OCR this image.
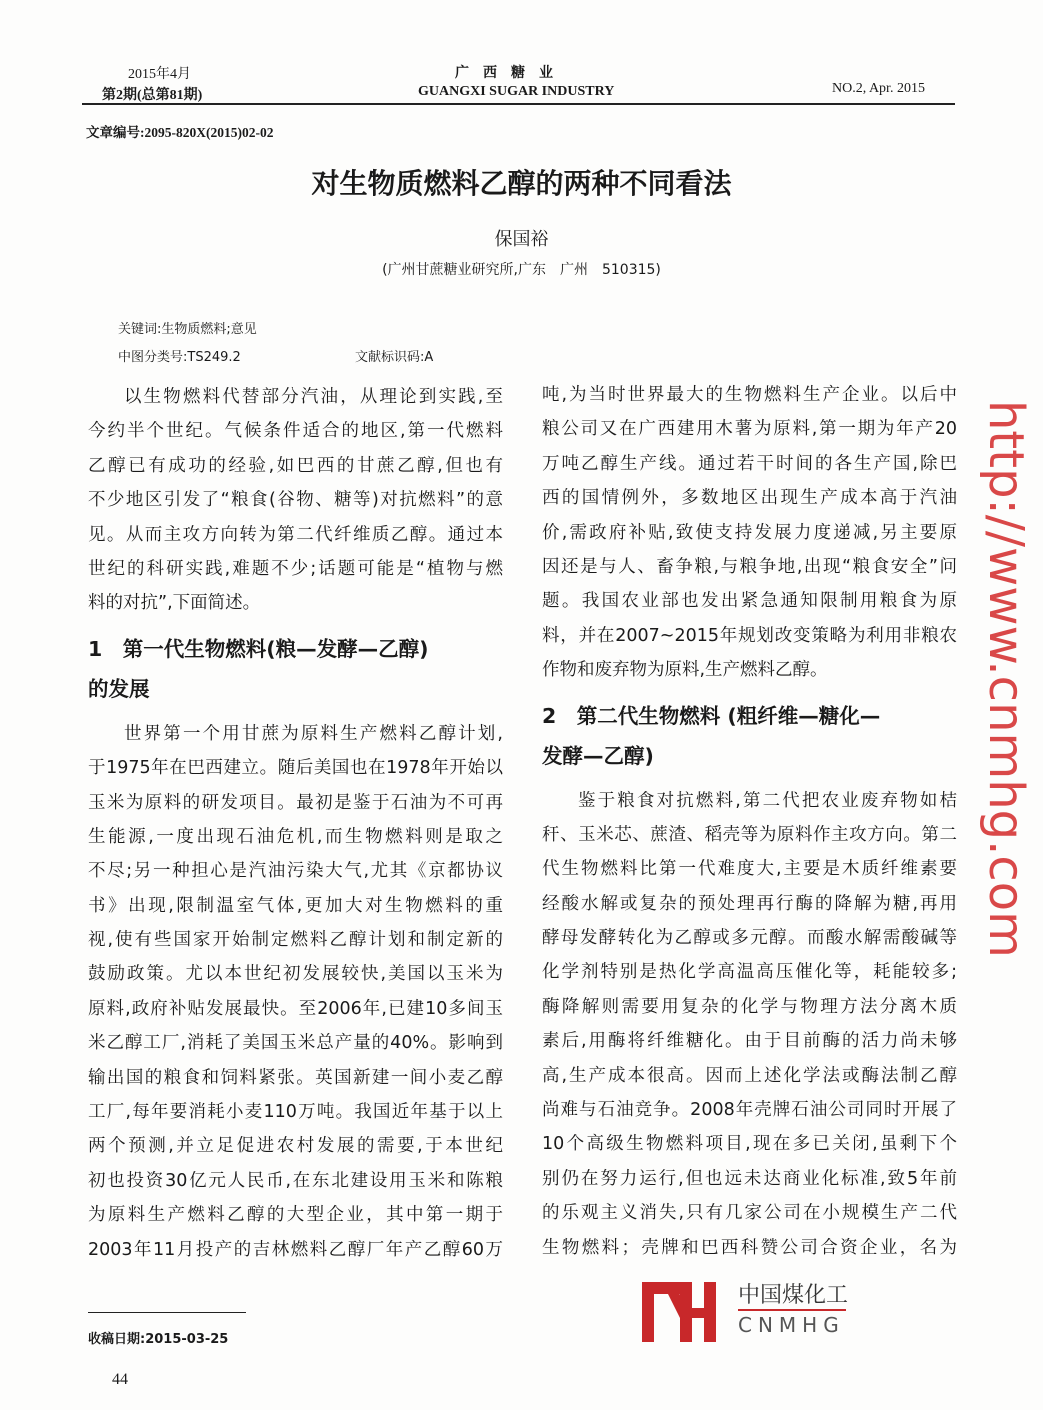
2015年4月
第2期(总第81期)
广　西　糖　业
GUANGXI SUGAR INDUSTRY	NO.2, Apr. 2015
文章编号:2095-820X(2015)02-02
对生物质燃料乙醇的两种不同看法
保国裕
(广州甘蔗糖业研究所,广东　广州　510315)
关键词:生物质燃料;意见
中图分类号:TS249.2	文献标识码:A
以生物燃料代替部分汽油，从理论到实践,至
今约半个世纪。气候条件适合的地区,第一代燃料
乙醇已有成功的经验,如巴西的甘蔗乙醇,但也有
不少地区引发了“粮食(谷物、糖等)对抗燃料”的意
见。从而主攻方向转为第二代纤维质乙醇。通过本
世纪的科研实践,难题不少;话题可能是“植物与燃
料的对抗”,下面简述。
1　第一代生物燃料(粮—发酵—乙醇)
的发展
世界第一个用甘蔗为原料生产燃料乙醇计划,
于1975年在巴西建立。随后美国也在1978年开始以
玉米为原料的研发项目。最初是鉴于石油为不可再
生能源,一度出现石油危机,而生物燃料则是取之
不尽;另一种担心是汽油污染大气,尤其《京都协议
书》出现,限制温室气体,更加大对生物燃料的重
视,使有些国家开始制定燃料乙醇计划和制定新的
鼓励政策。尤以本世纪初发展较快,美国以玉米为
原料,政府补贴发展最快。至2006年,已建10多间玉
米乙醇工厂,消耗了美国玉米总产量的40%。影响到
输出国的粮食和饲料紧张。英国新建一间小麦乙醇
工厂,每年要消耗小麦110万吨。我国近年基于以上
两个预测,并立足促进农村发展的需要,于本世纪
初也投资30亿元人民币,在东北建设用玉米和陈粮
为原料生产燃料乙醇的大型企业，其中第一期于
2003年11月投产的吉林燃料乙醇厂年产乙醇60万
吨,为当时世界最大的生物燃料生产企业。以后中
粮公司又在广西建用木薯为原料,第一期为年产20
万吨乙醇生产线。通过若干时间的各生产国,除巴
西的国情例外，多数地区出现生产成本高于汽油
价,需政府补贴,致使支持发展力度递减,另主要原
因还是与人、畜争粮,与粮争地,出现“粮食安全”问
题。我国农业部也发出紧急通知限制用粮食为原
料，并在2007~2015年规划改变策略为利用非粮农
作物和废弃物为原料,生产燃料乙醇。
2　第二代生物燃料 (粗纤维—糖化—
发酵—乙醇)
鉴于粮食对抗燃料,第二代把农业废弃物如桔
秆、玉米芯、蔗渣、稻壳等为原料作主攻方向。第二
代生物燃料比第一代难度大,主要是木质纤维素要
经酸水解或复杂的预处理再行酶的降解为糖,再用
酵母发酵转化为乙醇或多元醇。而酸水解需酸碱等
化学剂特别是热化学高温高压催化等，耗能较多;
酶降解则需要用复杂的化学与物理方法分离木质
素后,用酶将纤维糖化。由于目前酶的活力尚未够
高,生产成本很高。因而上述化学法或酶法制乙醇
尚难与石油竞争。2008年壳牌石油公司同时开展了
10个高级生物燃料项目,现在多已关闭,虽剩下个
别仍在努力运行,但也远未达商业化标准,致5年前
的乐观主义消失,只有几家公司在小规模生产二代
生物燃料；壳牌和巴西科赞公司合资企业，名为
收稿日期:2015-03-25
44
http://www.cnmhg.com
中国煤化工
CNMHG
